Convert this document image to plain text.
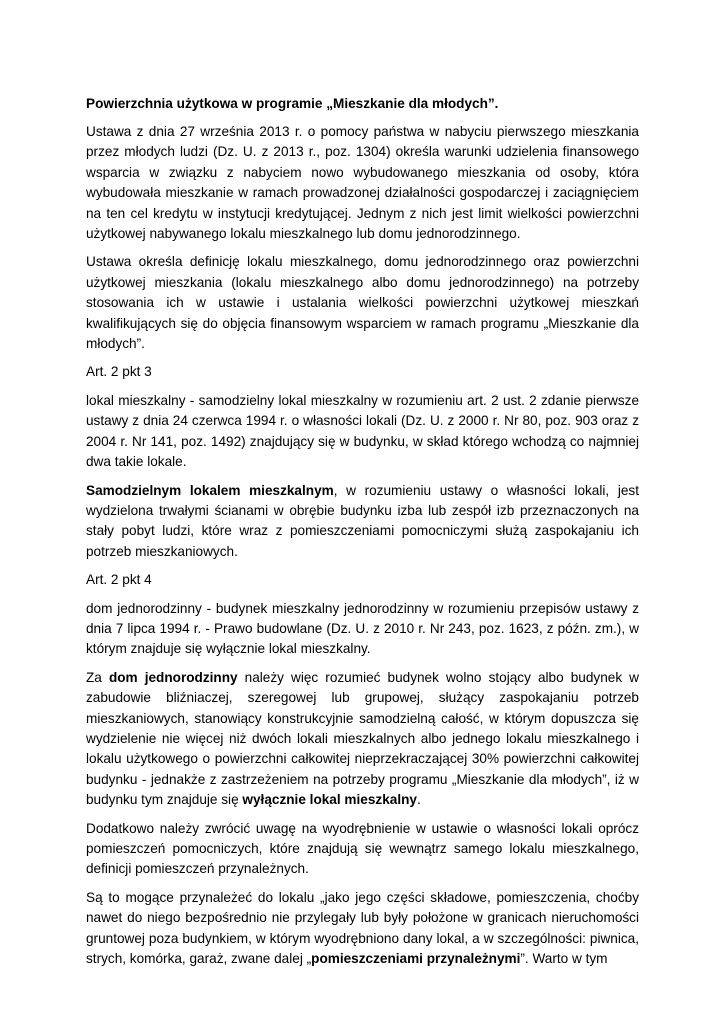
Powierzchnia użytkowa w programie „Mieszkanie dla młodych”.

Ustawa z dnia 27 września 2013 r. o pomocy państwa w nabyciu pierwszego mieszkania przez młodych ludzi (Dz. U. z 2013 r., poz. 1304) określa warunki udzielenia finansowego wsparcia w związku z nabyciem nowo wybudowanego mieszkania od osoby, która wybudowała mieszkanie w ramach prowadzonej działalności gospodarczej i zaciągnięciem na ten cel kredytu w instytucji kredytującej. Jednym z nich jest limit wielkości powierzchni użytkowej nabywanego lokalu mieszkalnego lub domu jednorodzinnego.

Ustawa określa definicję lokalu mieszkalnego, domu jednorodzinnego oraz powierzchni użytkowej mieszkania (lokalu mieszkalnego albo domu jednorodzinnego) na potrzeby stosowania ich w ustawie i ustalania wielkości powierzchni użytkowej mieszkań kwalifikujących się do objęcia finansowym wsparciem w ramach programu „Mieszkanie dla młodych”.

Art. 2 pkt 3

lokal mieszkalny - samodzielny lokal mieszkalny w rozumieniu art. 2 ust. 2 zdanie pierwsze ustawy z dnia 24 czerwca 1994 r. o własności lokali (Dz. U. z 2000 r. Nr 80, poz. 903 oraz z 2004 r. Nr 141, poz. 1492) znajdujący się w budynku, w skład którego wchodzą co najmniej dwa takie lokale.

Samodzielnym lokalem mieszkalnym, w rozumieniu ustawy o własności lokali, jest wydzielona trwałymi ścianami w obrębie budynku izba lub zespół izb przeznaczonych na stały pobyt ludzi, które wraz z pomieszczeniami pomocniczymi służą zaspokajaniu ich potrzeb mieszkaniowych.

Art. 2 pkt 4

dom jednorodzinny - budynek mieszkalny jednorodzinny w rozumieniu przepisów ustawy z dnia 7 lipca 1994 r. - Prawo budowlane (Dz. U. z 2010 r. Nr 243, poz. 1623, z późn. zm.), w którym znajduje się wyłącznie lokal mieszkalny.

Za dom jednorodzinny należy więc rozumieć budynek wolno stojący albo budynek w zabudowie bliźniaczej, szeregowej lub grupowej, służący zaspokajaniu potrzeb mieszkaniowych, stanowiący konstrukcyjnie samodzielną całość, w którym dopuszcza się wydzielenie nie więcej niż dwóch lokali mieszkalnych albo jednego lokalu mieszkalnego i lokalu użytkowego o powierzchni całkowitej nieprzekraczającej 30% powierzchni całkowitej budynku - jednakże z zastrzeżeniem na potrzeby programu „Mieszkanie dla młodych”, iż w budynku tym znajduje się wyłącznie lokal mieszkalny.

Dodatkowo należy zwrócić uwagę na wyodrębnienie w ustawie o własności lokali oprócz pomieszczeń pomocniczych, które znajdują się wewnątrz samego lokalu mieszkalnego, definicji pomieszczeń przynależnych.

Są to mogące przynależeć do lokalu „jako jego części składowe, pomieszczenia, choćby nawet do niego bezpośrednio nie przylegały lub były położone w granicach nieruchomości gruntowej poza budynkiem, w którym wyodrębniono dany lokal, a w szczególności: piwnica, strych, komórka, garaż, zwane dalej „pomieszczeniami przynależnymi”. Warto w tym
